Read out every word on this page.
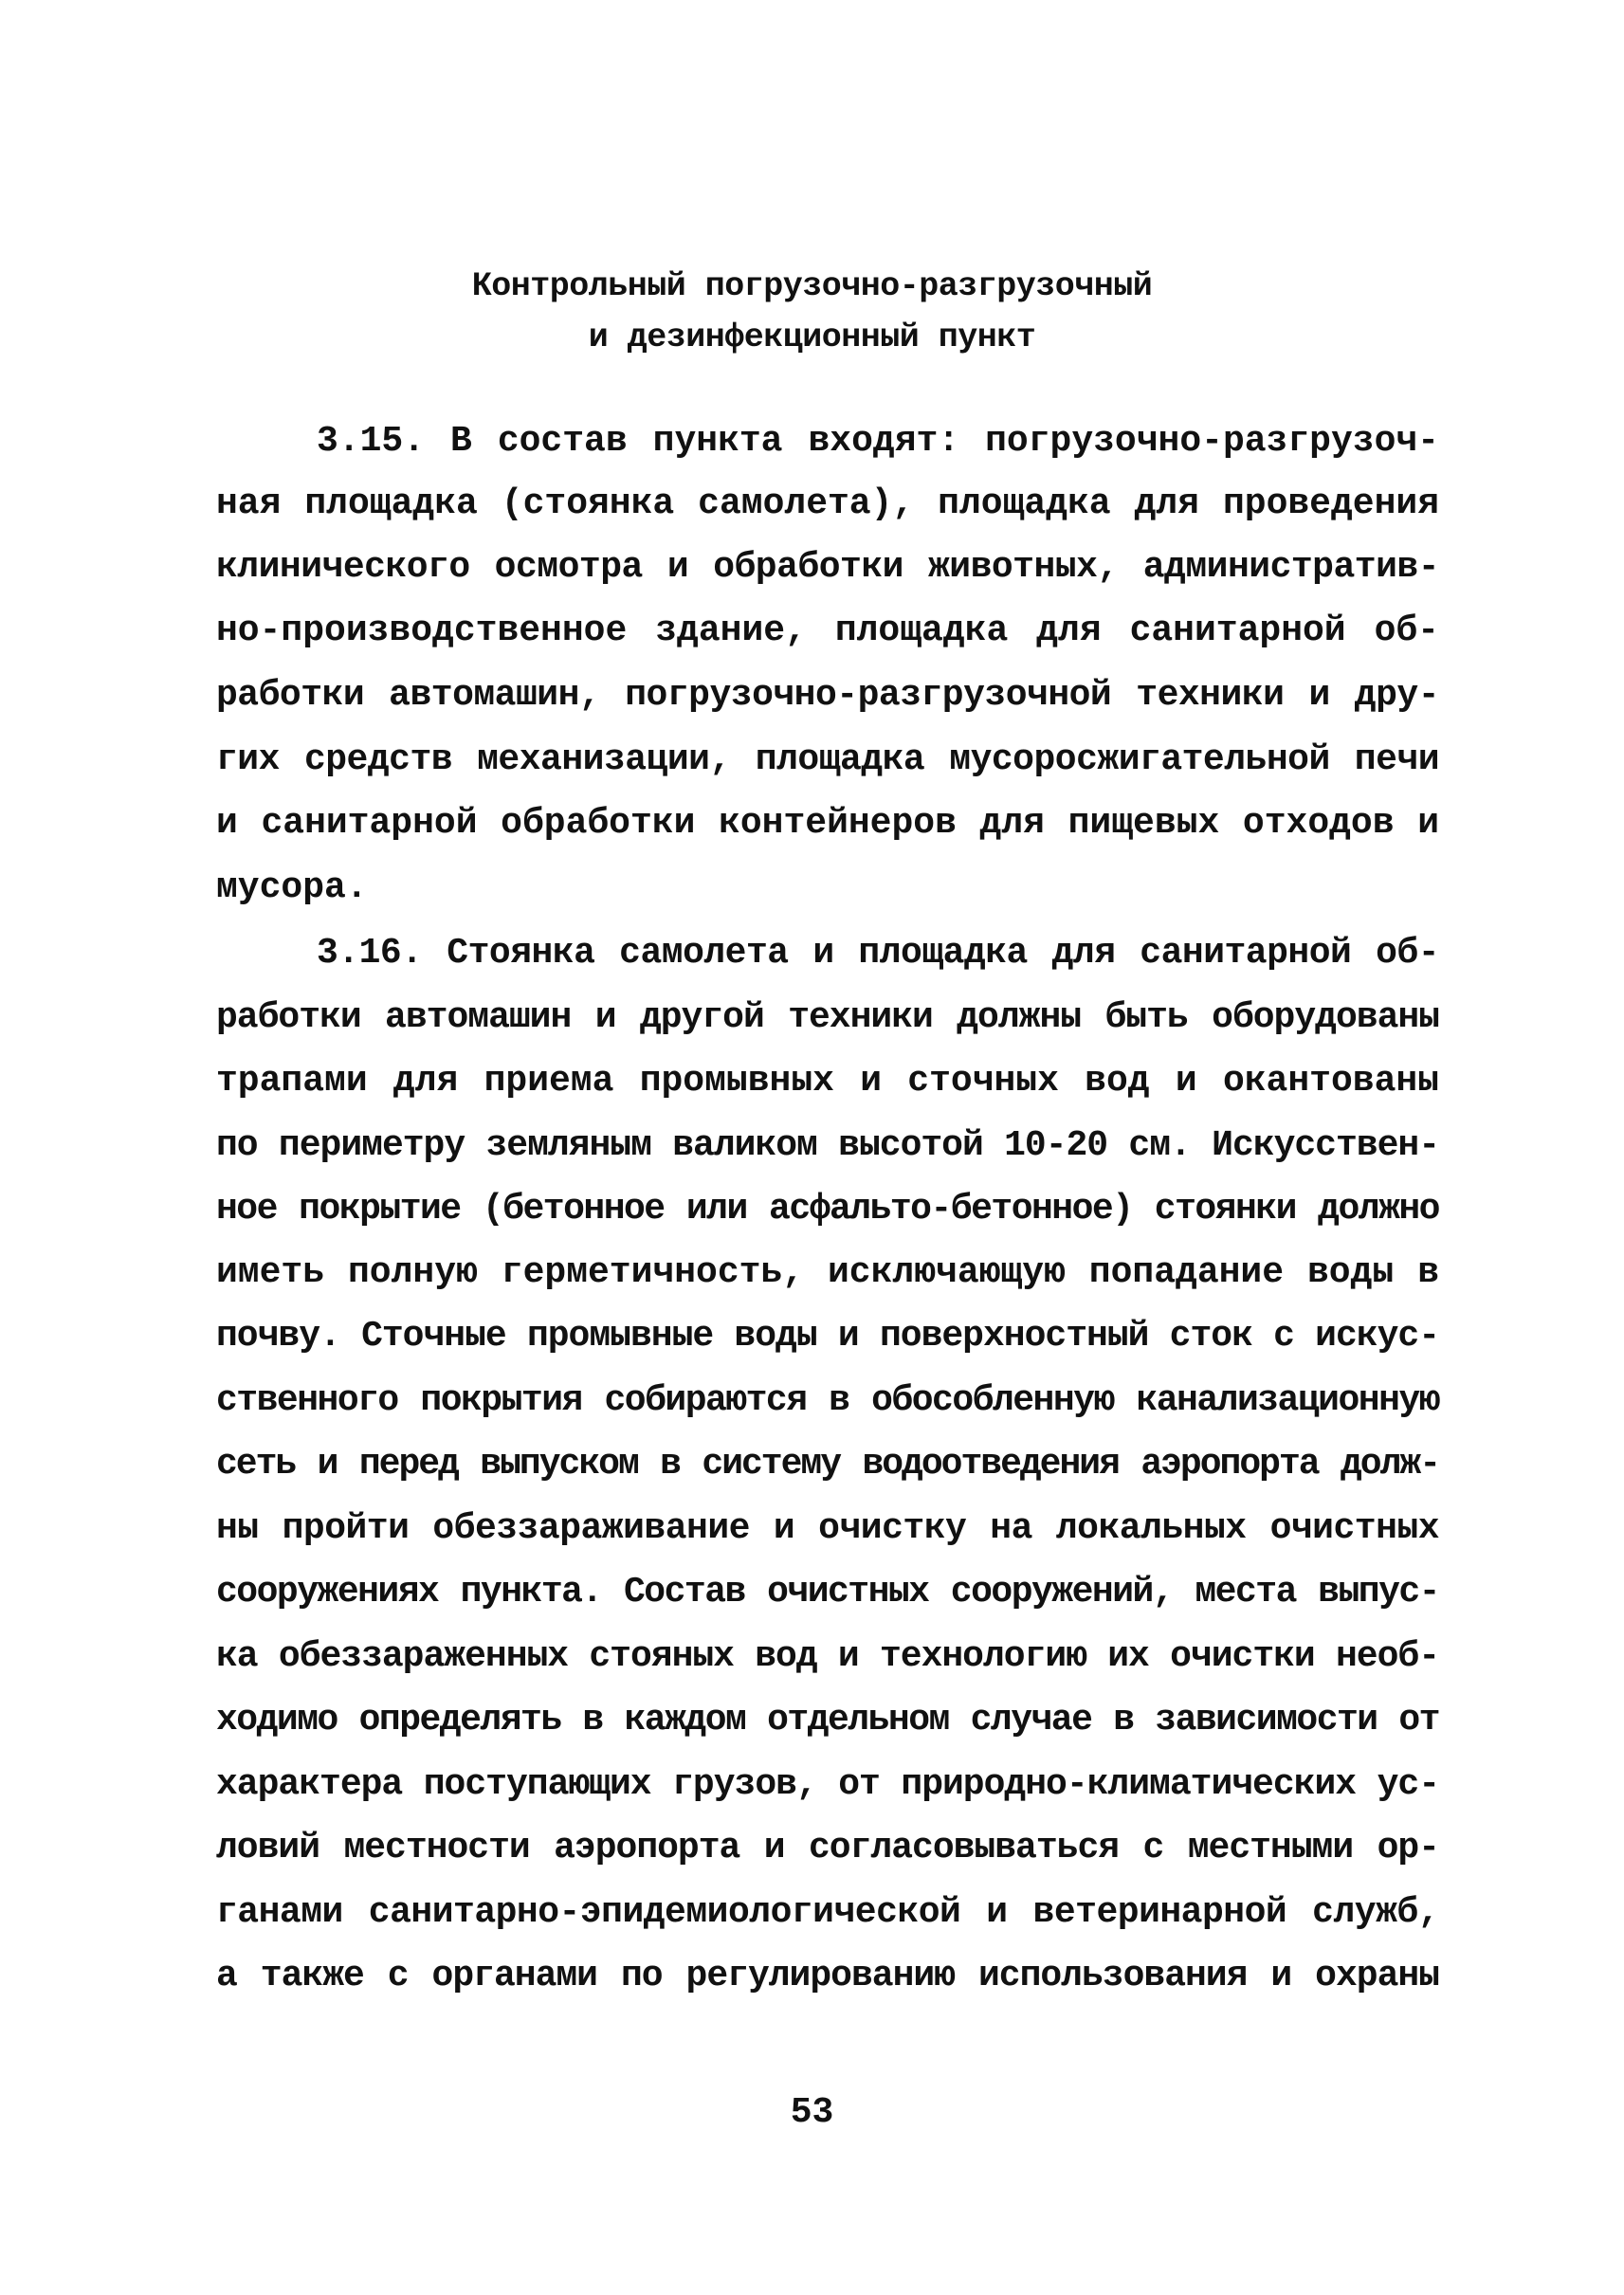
Контрольный погрузочно-разгрузочный
и дезинфекционный пункт
3.15. В состав пункта входят: погрузочно-разгрузоч-
ная площадка (стоянка самолета), площадка для проведения
клинического осмотра и обработки животных, административ-
но-производственное здание, площадка для санитарной об-
работки автомашин, погрузочно-разгрузочной техники и дру-
гих средств механизации, площадка мусоросжигательной печи
и санитарной обработки контейнеров для пищевых отходов и
мусора.
3.16. Стоянка самолета и площадка для санитарной об-
работки автомашин и другой техники должны быть оборудованы
трапами для приема промывных и сточных вод и окантованы
по периметру земляным валиком высотой 10-20 см. Искусствен-
ное покрытие (бетонное или асфальто-бетонное) стоянки должно
иметь полную герметичность, исключающую попадание воды в
почву. Сточные промывные воды и поверхностный сток с искус-
ственного покрытия собираются в обособленную канализационную
сеть и перед выпуском в систему водоотведения аэропорта долж-
ны пройти обеззараживание и очистку на локальных очистных
сооружениях пункта. Состав очистных сооружений, места выпус-
ка обеззараженных стояных вод и технологию их очистки необ-
ходимо определять в каждом отдельном случае в зависимости от
характера поступающих грузов, от природно-климатических ус-
ловий местности аэропорта и согласовываться с местными ор-
ганами санитарно-эпидемиологической и ветеринарной служб,
а также с органами по регулированию использования и охраны
53
